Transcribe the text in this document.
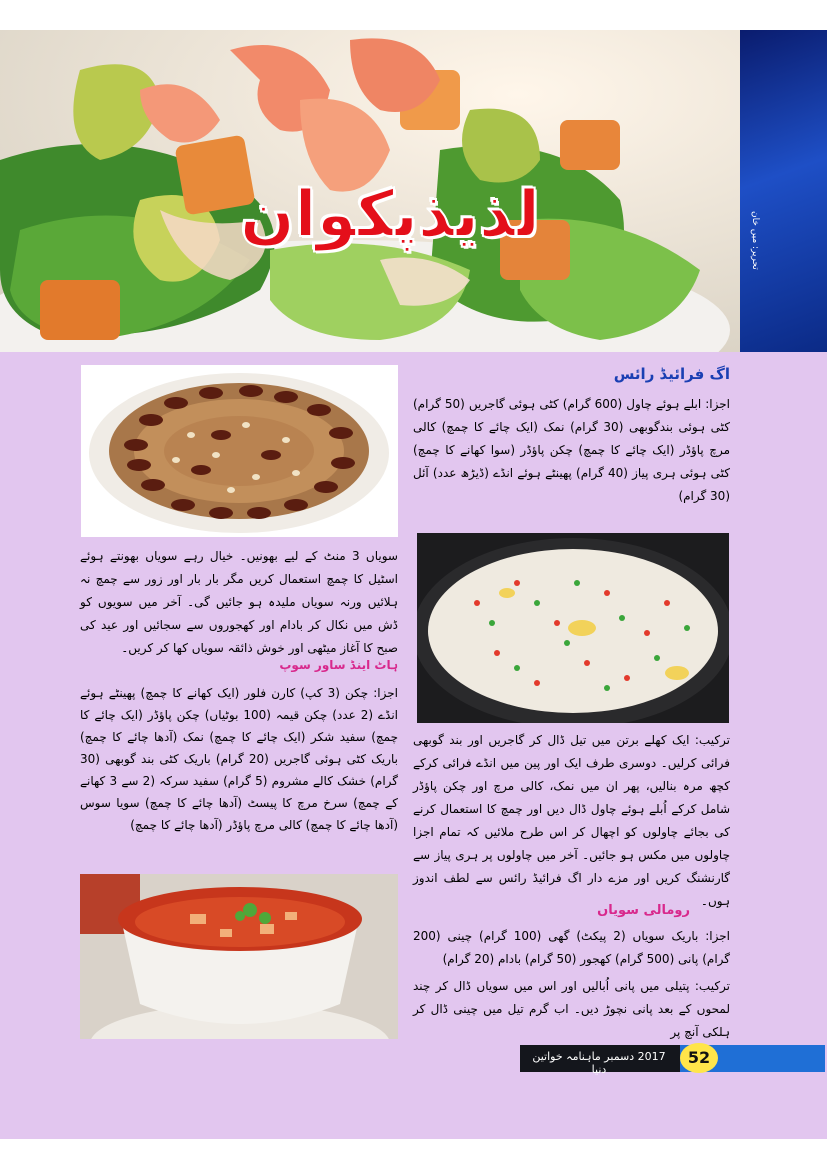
تحریر: میں خان
لذیذپکوان
اگ فرائیڈ رائس
ہاٹ اینڈ ساور سوپ
رومالی سویاں
اجزا: ابلے ہوئے چاول (600 گرام) کٹی ہوئی گاجریں (50 گرام) کٹی ہوئی بندگوبھی (30 گرام) نمک (ایک چائے کا چمچ) کالی مرچ پاؤڈر (ایک چائے کا چمچ) چکن پاؤڈر (سوا کھانے کا چمچ) کٹی ہوئی ہری پیاز (40 گرام) پھینٹے ہوئے انڈے (ڈیڑھ عدد) آئل (30 گرام)
ترکیب: ایک کھلے برتن میں تیل ڈال کر گاجریں اور بند گوبھی فرائی کرلیں۔ دوسری طرف ایک اور پین میں انڈے فرائی کرکے کچھ مرہ بنالیں، پھر ان میں نمک، کالی مرچ اور چکن پاؤڈر شامل کرکے اُبلے ہوئے چاول ڈال دیں اور چمچ کا استعمال کرنے کی بجائے چاولوں کو اچھال کر اس طرح ملائیں کہ تمام اجزا چاولوں میں مکس ہو جائیں۔ آخر میں چاولوں پر ہری پیاز سے گارنشنگ کریں اور مزے دار اگ فرائیڈ رائس سے لطف اندوز ہوں۔
اجزا: باریک سویاں (2 پیکٹ) گھی (100 گرام) چینی (200 گرام) پانی (500 گرام) کھجور (50 گرام) بادام (20 گرام)
ترکیب: پتیلی میں پانی اُبالیں اور اس میں سویاں ڈال کر چند لمحوں کے بعد پانی نچوڑ دیں۔ اب گرم تیل میں چینی ڈال کر ہلکی آنچ پر
سویاں 3 منٹ کے لیے بھونیں۔ خیال رہے سویاں بھونتے ہوئے اسٹیل کا چمچ استعمال کریں مگر بار بار اور زور سے چمچ نہ ہلائیں ورنہ سویاں ملیدہ ہو جائیں گی۔ آخر میں سویوں کو ڈش میں نکال کر بادام اور کھجوروں سے سجائیں اور عید کی صبح کا آغاز میٹھی اور خوش ذائقہ سویاں کھا کر کریں۔
اجزا: چکن (3 کپ) کارن فلور (ایک کھانے کا چمچ) پھینٹے ہوئے انڈے (2 عدد) چکن قیمہ (100 بوٹیاں) چکن پاؤڈر (ایک چائے کا چمچ) سفید شکر (ایک چائے کا چمچ) نمک (آدھا چائے کا چمچ) باریک کٹی ہوئی گاجریں (20 گرام) باریک کٹی بند گوبھی (30 گرام) خشک کالے مشروم (5 گرام) سفید سرکہ (2 سے 3 کھانے کے چمچ) سرخ مرچ کا پیسٹ (آدھا چائے کا چمچ) سویا سوس (آدھا چائے کا چمچ) کالی مرچ پاؤڈر (آدھا چائے کا چمچ)
2017 دسمبر ماہنامہ خواتین دنیا
52
